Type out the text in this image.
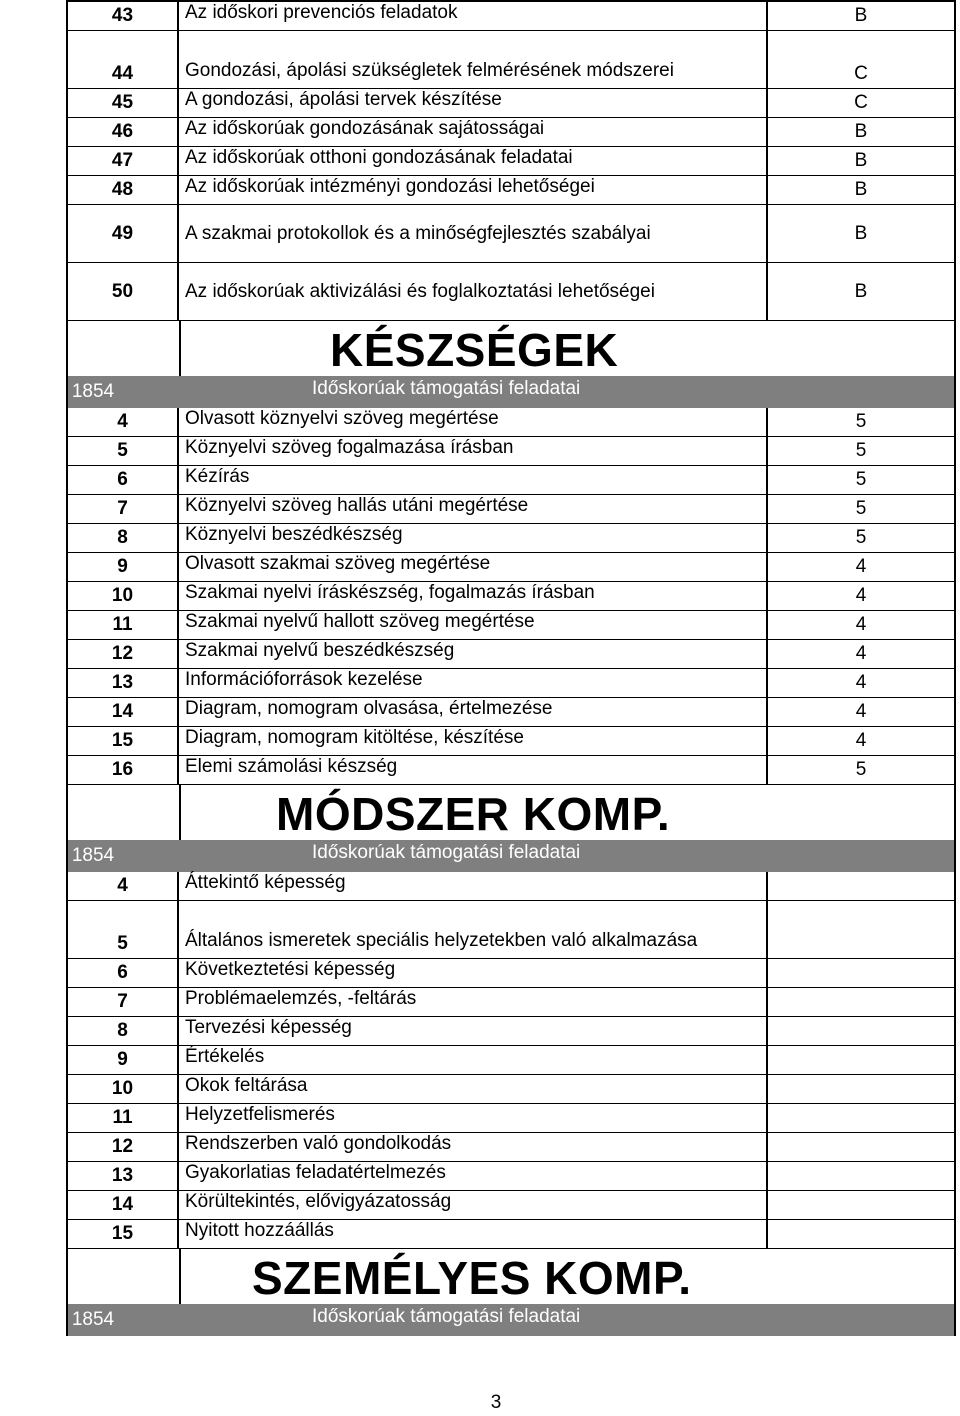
43	Az időskori prevenciós feladatok	B
44	Gondozási, ápolási szükségletek felmérésének módszerei	C
45	A gondozási, ápolási tervek készítése	C
46	Az időskorúak gondozásának sajátosságai	B
47	Az időskorúak otthoni gondozásának feladatai	B
48	Az időskorúak intézményi gondozási lehetőségei	B
49	A szakmai protokollok és a minőségfejlesztés szabályai	B
50	Az időskorúak aktivizálási és foglalkoztatási lehetőségei	B
KÉSZSÉGEK
1854	Időskorúak támogatási feladatai
4	Olvasott köznyelvi szöveg megértése	5
5	Köznyelvi szöveg fogalmazása írásban	5
6	Kézírás	5
7	Köznyelvi szöveg hallás utáni megértése	5
8	Köznyelvi beszédkészség	5
9	Olvasott szakmai szöveg megértése	4
10	Szakmai nyelvi íráskészség, fogalmazás írásban	4
11	Szakmai nyelvű hallott szöveg megértése	4
12	Szakmai nyelvű beszédkészség	4
13	Információforrások kezelése	4
14	Diagram, nomogram olvasása, értelmezése	4
15	Diagram, nomogram kitöltése, készítése	4
16	Elemi számolási készség	5
MÓDSZER KOMP.
1854	Időskorúak támogatási feladatai
4	Áttekintő képesség
5	Általános ismeretek speciális helyzetekben való alkalmazása
6	Következtetési képesség
7	Problémaelemzés, -feltárás
8	Tervezési képesség
9	Értékelés
10	Okok feltárása
11	Helyzetfelismerés
12	Rendszerben való gondolkodás
13	Gyakorlatias feladatértelmezés
14	Körültekintés, elővigyázatosság
15	Nyitott hozzáállás
SZEMÉLYES KOMP.
1854	Időskorúak támogatási feladatai
3
